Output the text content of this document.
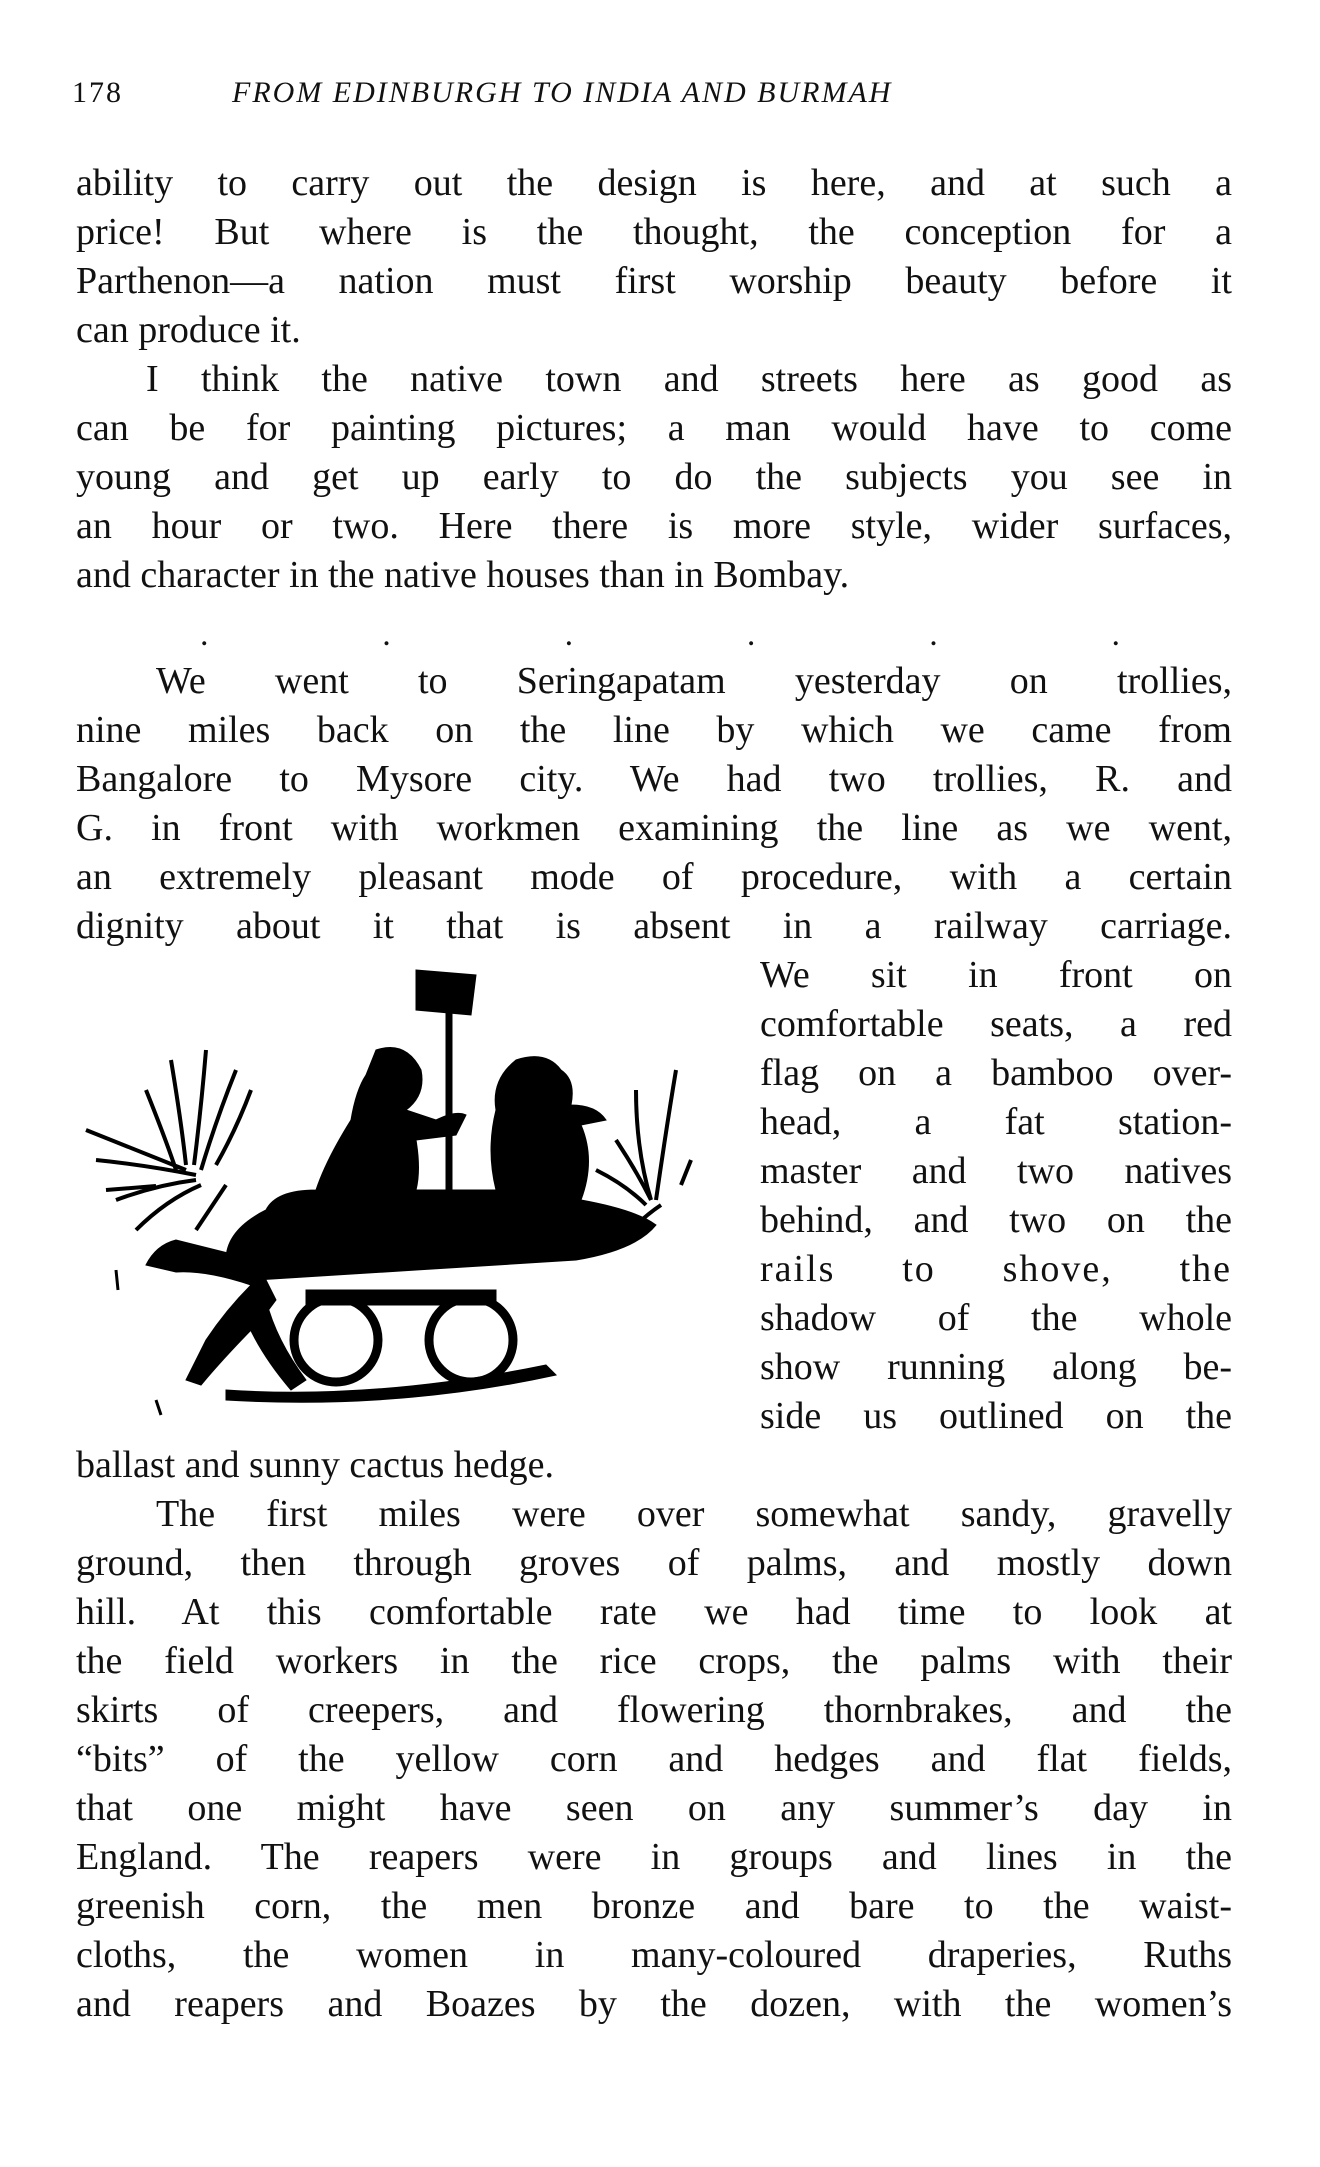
178	FROM EDINBURGH TO INDIA AND BURMAH
ability to carry out the design is here, and at such a
price! But where is the thought, the conception for a
Parthenon—a nation must first worship beauty before it
can produce it.
I think the native town and streets here as good as
can be for painting pictures; a man would have to come
young and get up early to do the subjects you see in
an hour or two. Here there is more style, wider surfaces,
and character in the native houses than in Bombay.
.	.	.	.	.	.
We went to Seringapatam yesterday on trollies,
nine miles back on the line by which we came from
Bangalore to Mysore city. We had two trollies, R. and
G. in front with workmen examining the line as we went,
an extremely pleasant mode of procedure, with a certain
dignity about it that is absent in a railway carriage.
We sit in front on
comfortable seats, a red
flag on a bamboo over-
head, a fat station-
master and two natives
behind, and two on the
rails to shove, the
shadow of the whole
show running along be-
side us outlined on the
ballast and sunny cactus hedge.
The first miles were over somewhat sandy, gravelly
ground, then through groves of palms, and mostly down
hill. At this comfortable rate we had time to look at
the field workers in the rice crops, the palms with their
skirts of creepers, and flowering thornbrakes, and the
“bits” of the yellow corn and hedges and flat fields,
that one might have seen on any summer’s day in
England. The reapers were in groups and lines in the
greenish corn, the men bronze and bare to the waist-
cloths, the women in many-coloured draperies, Ruths
and reapers and Boazes by the dozen, with the women’s
